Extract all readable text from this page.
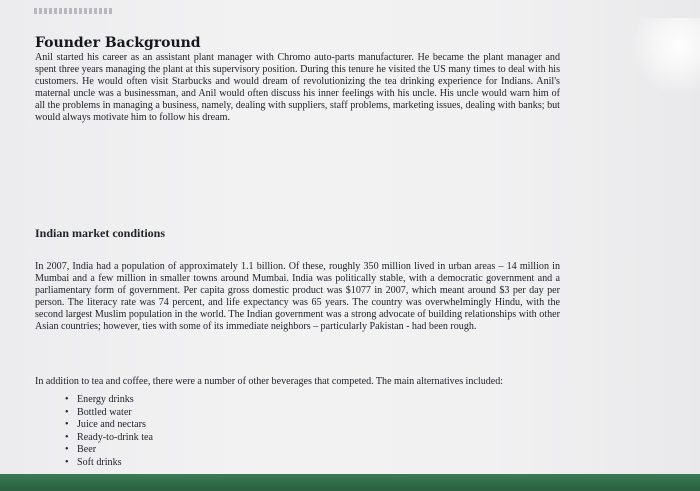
Founder Background

Anil started his career as an assistant plant manager with Chromo auto-parts manufacturer. He became the plant manager and spent three years managing the plant at this supervisory position. During this tenure he visited the US many times to deal with his customers. He would often visit Starbucks and would dream of revolutionizing the tea drinking experience for Indians. Anil's maternal uncle was a businessman, and Anil would often discuss his inner feelings with his uncle. His uncle would warn him of all the problems in managing a business, namely, dealing with suppliers, staff problems, marketing issues, dealing with banks; but would always motivate him to follow his dream.

Indian market conditions

In 2007, India had a population of approximately 1.1 billion. Of these, roughly 350 million lived in urban areas – 14 million in Mumbai and a few million in smaller towns around Mumbai. India was politically stable, with a democratic government and a parliamentary form of government. Per capita gross domestic product was $1077 in 2007, which meant around $3 per day per person. The literacy rate was 74 percent, and life expectancy was 65 years. The country was overwhelmingly Hindu, with the second largest Muslim population in the world. The Indian government was a strong advocate of building relationships with other Asian countries; however, ties with some of its immediate neighbors – particularly Pakistan - had been rough.

In addition to tea and coffee, there were a number of other beverages that competed. The main alternatives included:

• Energy drinks
• Bottled water
• Juice and nectars
• Ready-to-drink tea
• Beer
• Soft drinks
